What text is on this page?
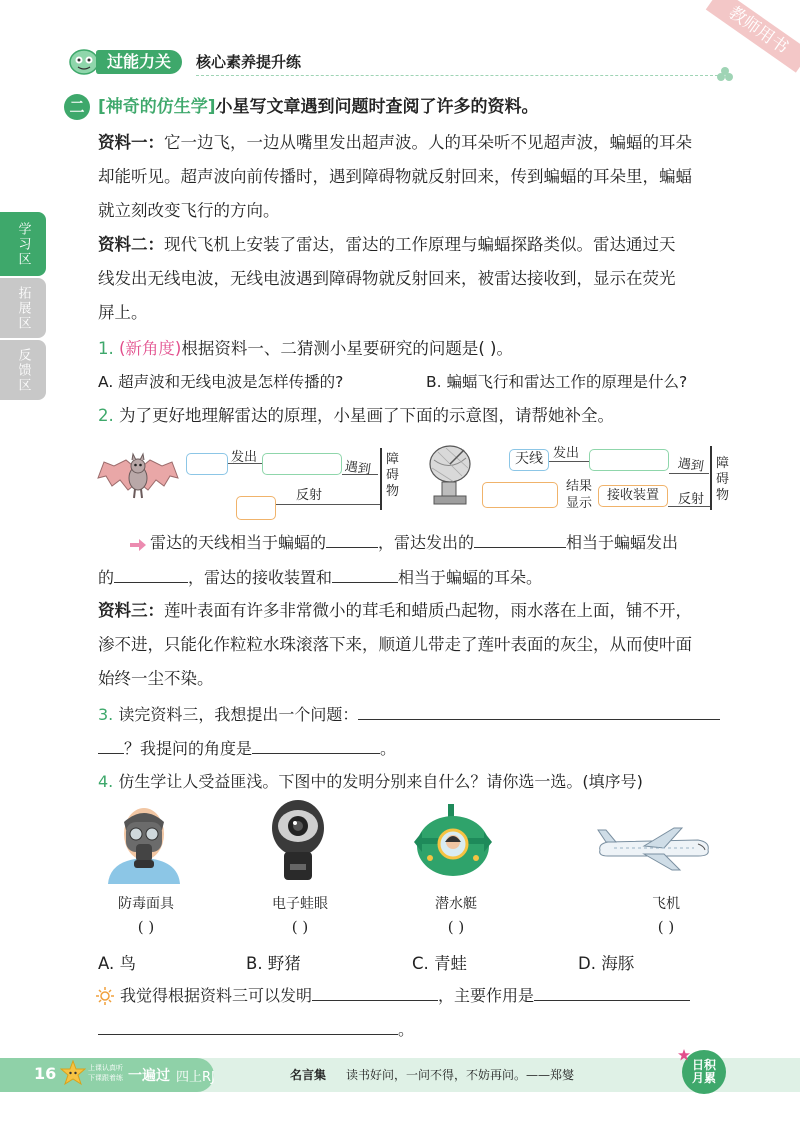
教师用书
过能力关	核心素养提升练
学习区
拓展区
反馈区
二 [神奇的仿生学]小星写文章遇到问题时查阅了许多的资料。
资料一：它一边飞，一边从嘴里发出超声波。人的耳朵听不见超声波，蝙蝠的耳朵
却能听见。超声波向前传播时，遇到障碍物就反射回来，传到蝙蝠的耳朵里，蝙蝠
就立刻改变飞行的方向。
资料二：现代飞机上安装了雷达，雷达的工作原理与蝙蝠探路类似。雷达通过天
线发出无线电波，无线电波遇到障碍物就反射回来，被雷达接收到，显示在荧光
屏上。
1. (新角度)根据资料一、二猜测小星要研究的问题是( )。
A. 超声波和无线电波是怎样传播的?	B. 蝙蝠飞行和雷达工作的原理是什么?
2. 为了更好地理解雷达的原理，小星画了下面的示意图，请帮她补全。
发出
遇到 障碍物
反射
天线 发出
遇到 障碍物
结果显示
接收装置	反射
雷达的天线相当于蝙蝠的	，雷达发出的	相当于蝙蝠发出
的	，雷达的接收装置和	相当于蝙蝠的耳朵。
资料三：莲叶表面有许多非常微小的茸毛和蜡质凸起物，雨水落在上面，铺不开，
渗不进，只能化作粒粒水珠滚落下来，顺道儿带走了莲叶表面的灰尘，从而使叶面
始终一尘不染。
3. 读完资料三，我想提出一个问题：
？我提问的角度是	。
4. 仿生学让人受益匪浅。下图中的发明分别来自什么？请你选一选。(填序号)
防毒面具	电子蛙眼	潜水艇	飞机
( )	( )	( )	( )
A. 鸟	B. 野猪	C. 青蛙	D. 海豚
我觉得根据资料三可以发明	，主要作用是
。
16	上课认真听
下课跟着练 一遍过 四上RJ	名言集 读书好问，一问不得，不妨再问。——郑燮
日积月累
